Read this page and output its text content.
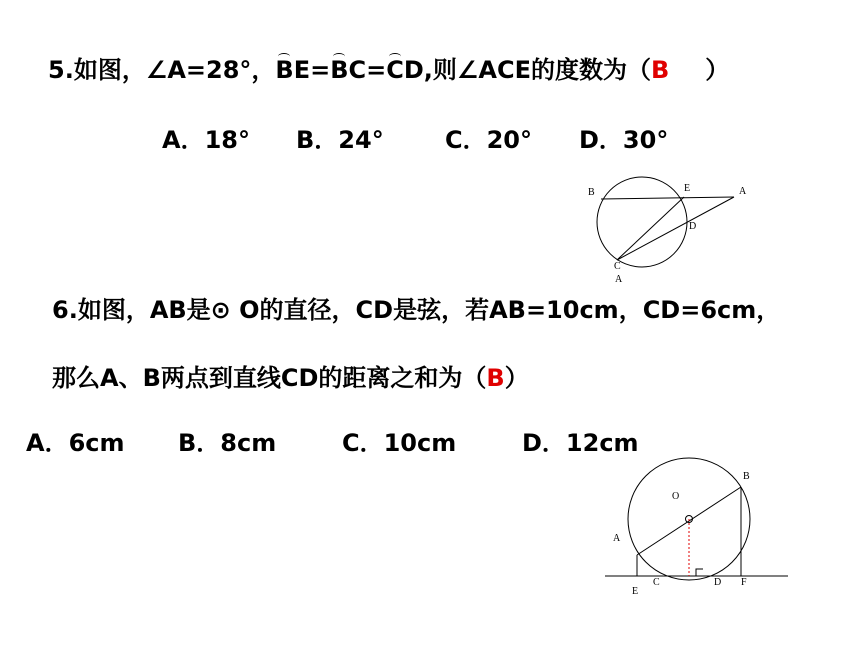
5.如图，∠A=28°，BE=BC=CD,则∠ACE的度数为（B ）
A．18° B．24°	C．20° D．30°
6.如图，AB是⊙ O的直径，CD是弦，若AB=10cm，CD=6cm，
那么A、B两点到直线CD的距离之和为（B）
A．6cm B．8cm	C．10cm	D．12cm
B	E	A
D
C
A
O
A
B
C	D
E
F
